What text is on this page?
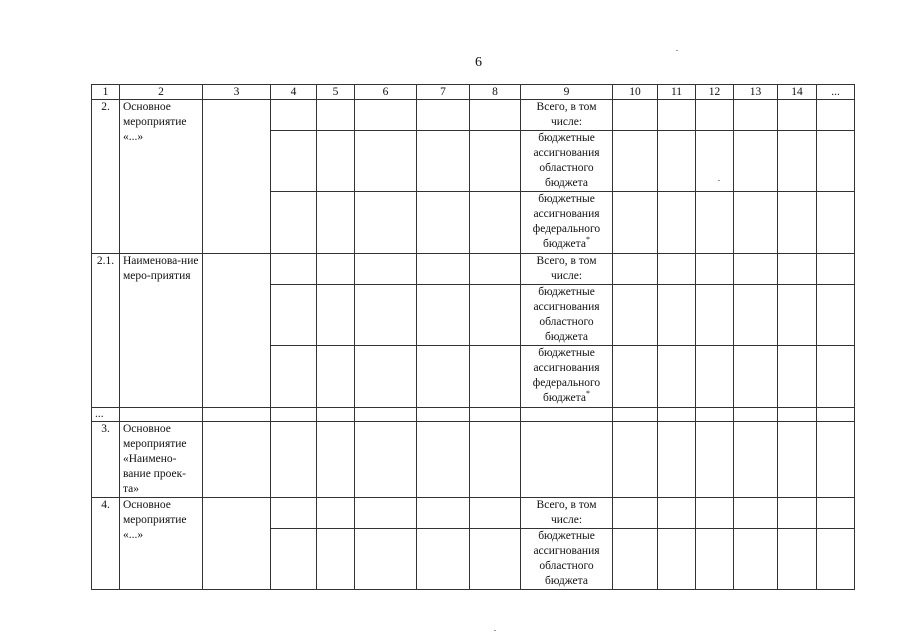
6
1	2	3	4	5	6	7	8	9	10	11	12	13	14	...
2.	Основное мероприятие «...»							Всего, в том числе:						
								бюджетные ассигнования областного бюджета						
								бюджетные ассигнования федерального бюджета*						
2.1.	Наименова-ние меро-приятия							Всего, в том числе:						
								бюджетные ассигнования областного бюджета						
								бюджетные ассигнования федерального бюджета*						
...														
3.	Основное мероприятие «Наимено-вание проек-та»													
4.	Основное мероприятие «...»							Всего, в том числе:						
								бюджетные ассигнования областного бюджета						
